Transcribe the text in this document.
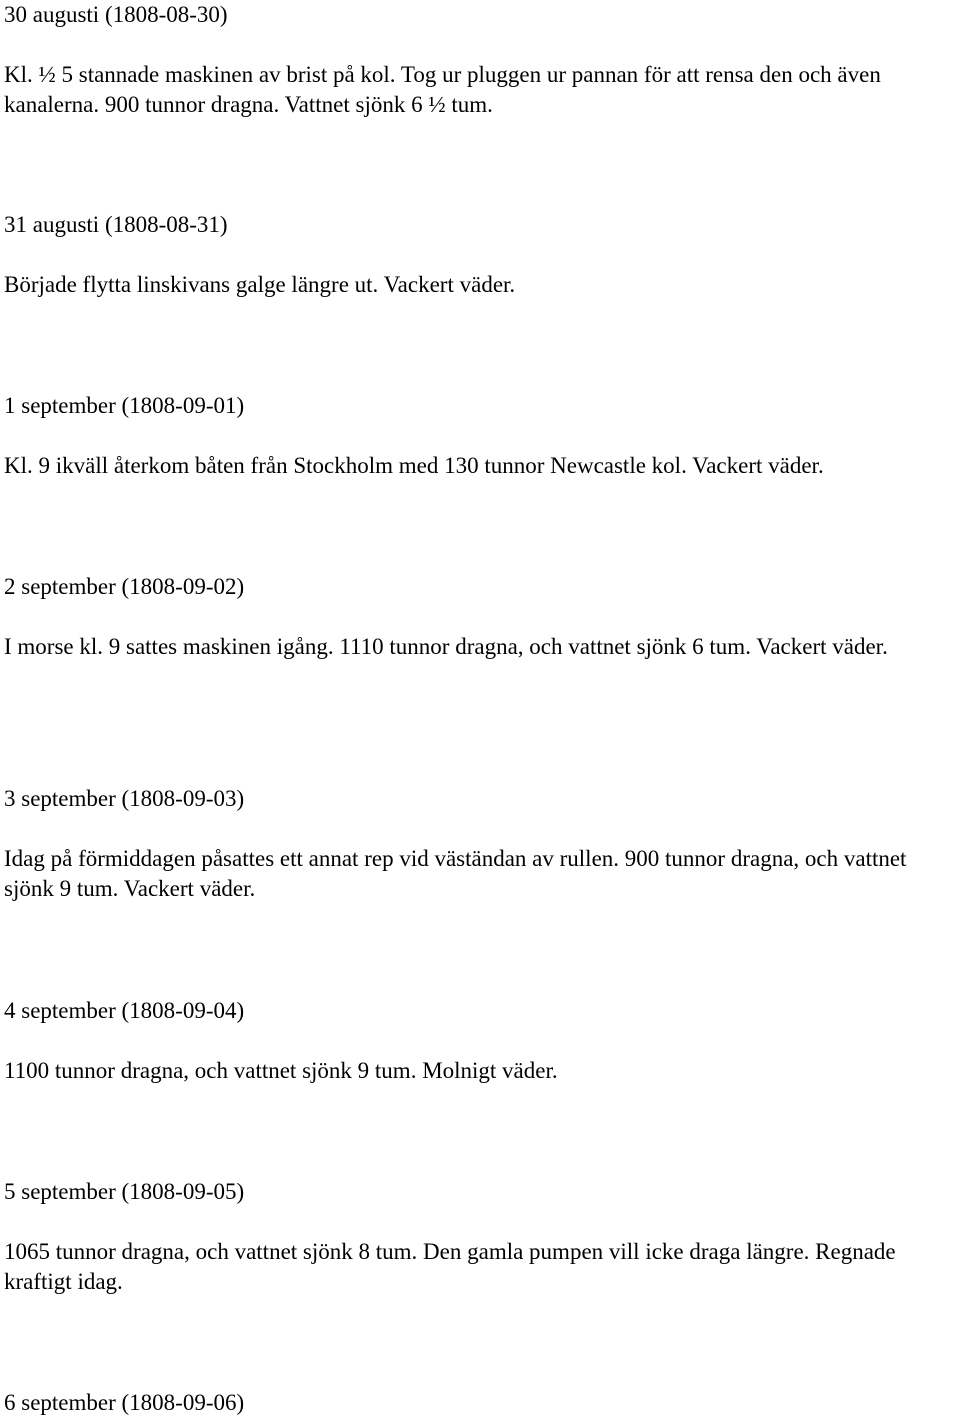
30 augusti (1808-08-30)

Kl. ½ 5 stannade maskinen av brist på kol. Tog ur pluggen ur pannan för att rensa den och även kanalerna. 900 tunnor dragna. Vattnet sjönk 6 ½ tum.

31 augusti (1808-08-31)

Började flytta linskivans galge längre ut. Vackert väder.

1 september (1808-09-01)

Kl. 9 ikväll återkom båten från Stockholm med 130 tunnor Newcastle kol. Vackert väder.

2 september (1808-09-02)

I morse kl. 9 sattes maskinen igång. 1110 tunnor dragna, och vattnet sjönk 6 tum. Vackert väder.

3 september (1808-09-03)

Idag på förmiddagen påsattes ett annat rep vid väständan av rullen. 900 tunnor dragna, och vattnet sjönk 9 tum. Vackert väder.

4 september (1808-09-04)

1100 tunnor dragna, och vattnet sjönk 9 tum. Molnigt väder.

5 september (1808-09-05)

1065 tunnor dragna, och vattnet sjönk 8 tum. Den gamla pumpen vill icke draga längre. Regnade kraftigt idag.

6 september (1808-09-06)
